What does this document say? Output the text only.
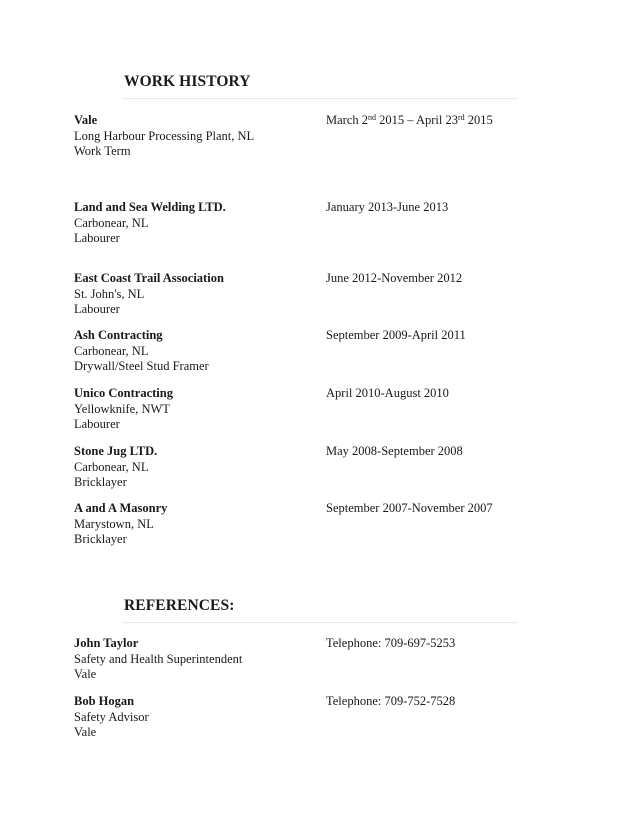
WORK HISTORY
Vale
Long Harbour Processing Plant, NL
Work Term
March 2nd 2015 – April 23rd 2015
Land and Sea Welding LTD.
Carbonear, NL
Labourer
January 2013-June 2013
East Coast Trail Association
St. John's, NL
Labourer
June 2012-November 2012
Ash Contracting
Carbonear, NL
Drywall/Steel Stud Framer
September 2009-April 2011
Unico Contracting
Yellowknife, NWT
Labourer
April 2010-August 2010
Stone Jug LTD.
Carbonear, NL
Bricklayer
May 2008-September 2008
A and A Masonry
Marystown, NL
Bricklayer
September 2007-November 2007
REFERENCES:
John Taylor
Safety and Health Superintendent
Vale
Telephone: 709-697-5253
Bob Hogan
Safety Advisor
Vale
Telephone: 709-752-7528
